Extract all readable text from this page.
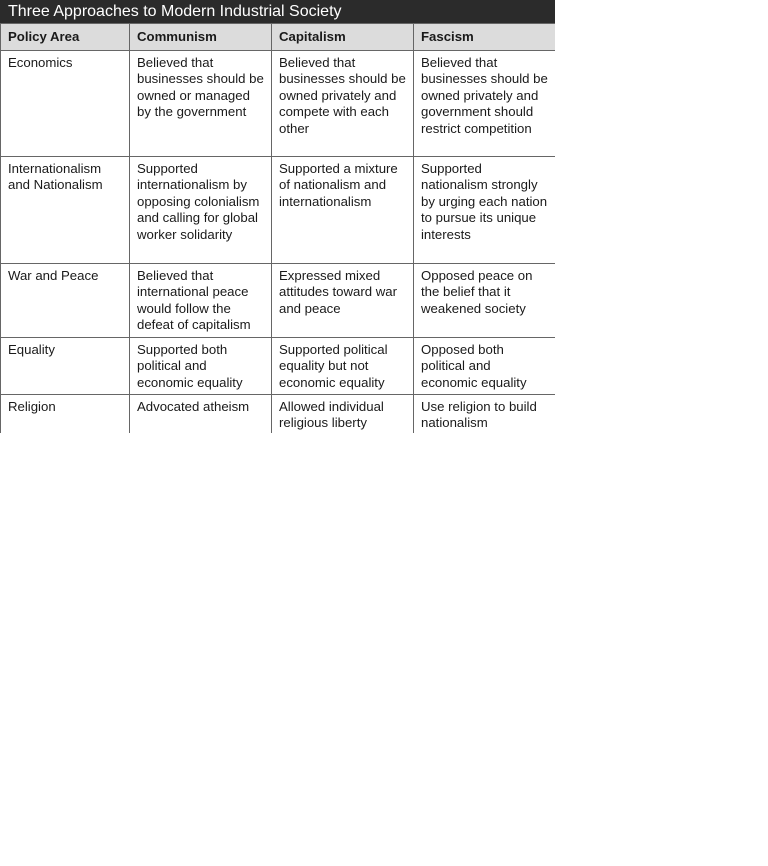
Three Approaches to Modern Industrial Society
Policy Area	Communism	Capitalism	Fascism
Economics	Believed that businesses should be owned or managed by the government	Believed that businesses should be owned privately and compete with each other	Believed that businesses should be owned privately and government should restrict competition
Internationalism and Nationalism	Supported internationalism by opposing colonialism and calling for global worker solidarity	Supported a mixture of nationalism and internationalism	Supported nationalism strongly by urging each nation to pursue its unique interests
War and Peace	Believed that international peace would follow the defeat of capitalism	Expressed mixed attitudes toward war and peace	Opposed peace on the belief that it weakened society
Equality	Supported both political and economic equality	Supported political equality but not economic equality	Opposed both political and economic equality
Religion	Advocated atheism	Allowed individual religious liberty	Use religion to build nationalism
